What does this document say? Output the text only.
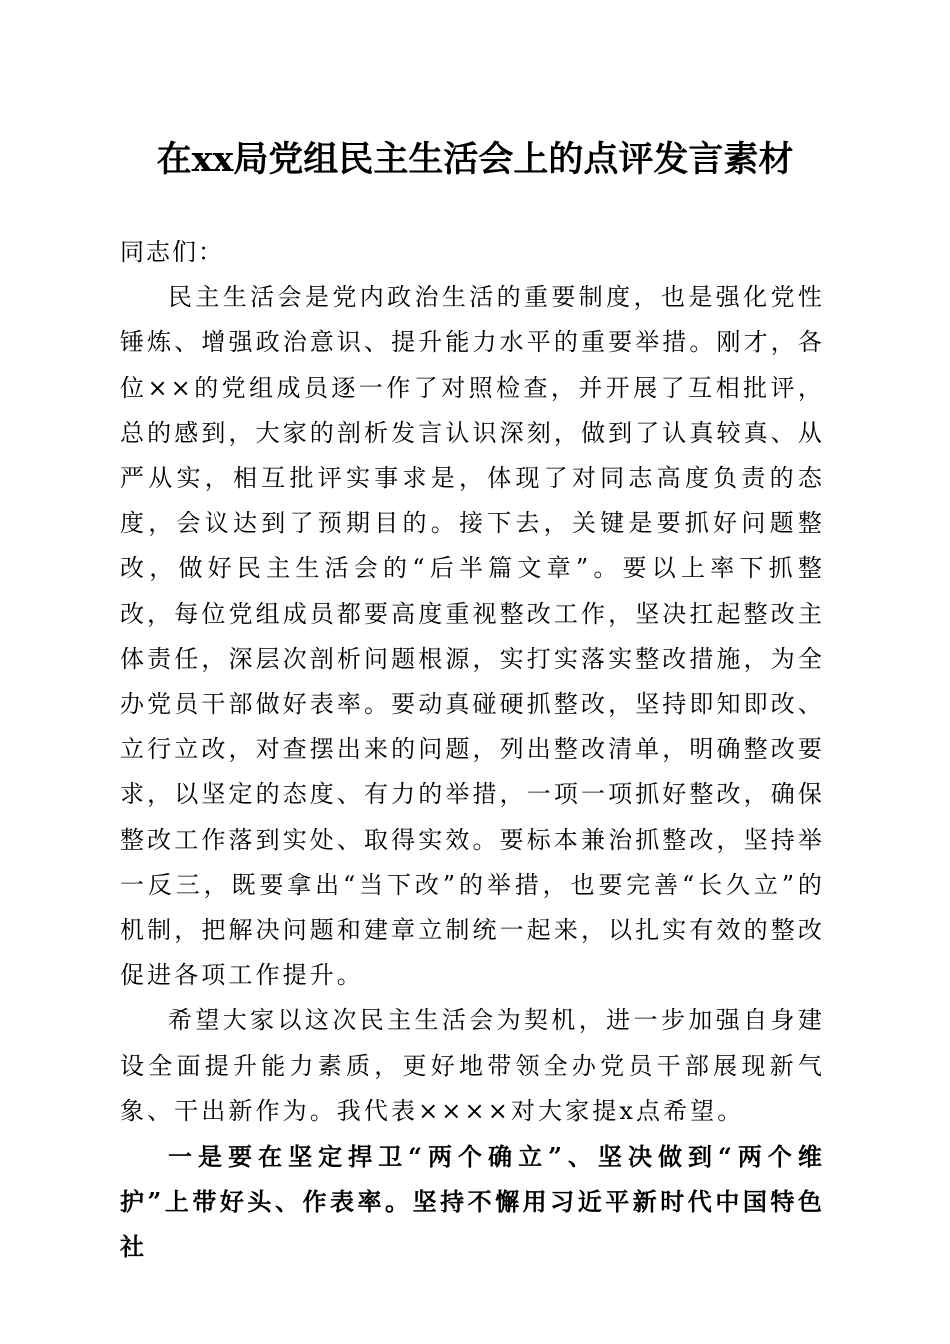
在xx局党组民主生活会上的点评发言素材

同志们：

民主生活会是党内政治生活的重要制度，也是强化党性锤炼、增强政治意识、提升能力水平的重要举措。刚才，各位××的党组成员逐一作了对照检查，并开展了互相批评，总的感到，大家的剖析发言认识深刻，做到了认真较真、从严从实，相互批评实事求是，体现了对同志高度负责的态度，会议达到了预期目的。接下去，关键是要抓好问题整改，做好民主生活会的“后半篇文章”。要以上率下抓整改，每位党组成员都要高度重视整改工作，坚决扛起整改主体责任，深层次剖析问题根源，实打实落实整改措施，为全办党员干部做好表率。要动真碰硬抓整改，坚持即知即改、立行立改，对查摆出来的问题，列出整改清单，明确整改要求，以坚定的态度、有力的举措，一项一项抓好整改，确保整改工作落到实处、取得实效。要标本兼治抓整改，坚持举一反三，既要拿出“当下改”的举措，也要完善“长久立”的机制，把解决问题和建章立制统一起来，以扎实有效的整改促进各项工作提升。

希望大家以这次民主生活会为契机，进一步加强自身建设全面提升能力素质，更好地带领全办党员干部展现新气象、干出新作为。我代表××××对大家提x点希望。

一是要在坚定捍卫“两个确立”、坚决做到“两个维护”上带好头、作表率。坚持不懈用习近平新时代中国特色社
